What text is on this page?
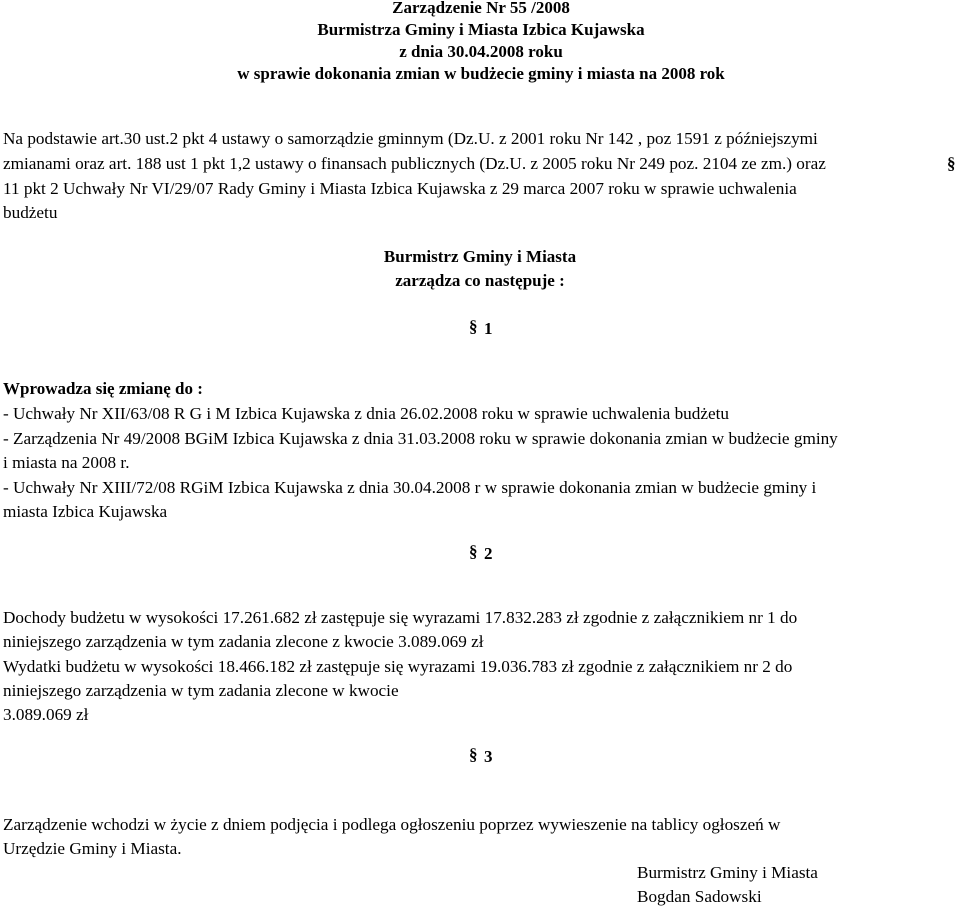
Zarządzenie Nr 55 /2008
Burmistrza Gminy i Miasta Izbica Kujawska
z dnia 30.04.2008 roku
w sprawie dokonania zmian w budżecie gminy i miasta na 2008 rok
Na podstawie art.30 ust.2 pkt 4 ustawy o samorządzie gminnym (Dz.U. z 2001 roku Nr 142 , poz 1591 z późniejszymi
zmianami oraz art. 188 ust 1 pkt 1,2 ustawy o finansach publicznych (Dz.U. z 2005 roku Nr 249 poz. 2104 ze zm.) oraz	§
11 pkt 2 Uchwały Nr VI/29/07 Rady Gminy i Miasta Izbica Kujawska z 29 marca 2007 roku w sprawie uchwalenia
budżetu
Burmistrz Gminy i Miasta
zarządza co następuje :
§ 1
Wprowadza się zmianę do :
- Uchwały Nr XII/63/08 R G i M Izbica Kujawska z dnia 26.02.2008 roku w sprawie uchwalenia budżetu
- Zarządzenia Nr 49/2008 BGiM Izbica Kujawska z dnia 31.03.2008 roku w sprawie dokonania zmian w budżecie gminy
i miasta na 2008 r.
- Uchwały Nr XIII/72/08 RGiM Izbica Kujawska z dnia 30.04.2008 r w sprawie dokonania zmian w budżecie gminy i
miasta Izbica Kujawska
§ 2
Dochody budżetu w wysokości 17.261.682 zł zastępuje się wyrazami 17.832.283 zł zgodnie z załącznikiem nr 1 do
niniejszego zarządzenia w tym zadania zlecone z kwocie 3.089.069 zł
Wydatki budżetu w wysokości 18.466.182 zł zastępuje się wyrazami 19.036.783 zł zgodnie z załącznikiem nr 2 do
niniejszego zarządzenia w tym zadania zlecone w kwocie
3.089.069 zł
§ 3
Zarządzenie wchodzi w życie z dniem podjęcia i podlega ogłoszeniu poprzez wywieszenie na tablicy ogłoszeń w
Urzędzie Gminy i Miasta.
Burmistrz Gminy i Miasta
Bogdan Sadowski
